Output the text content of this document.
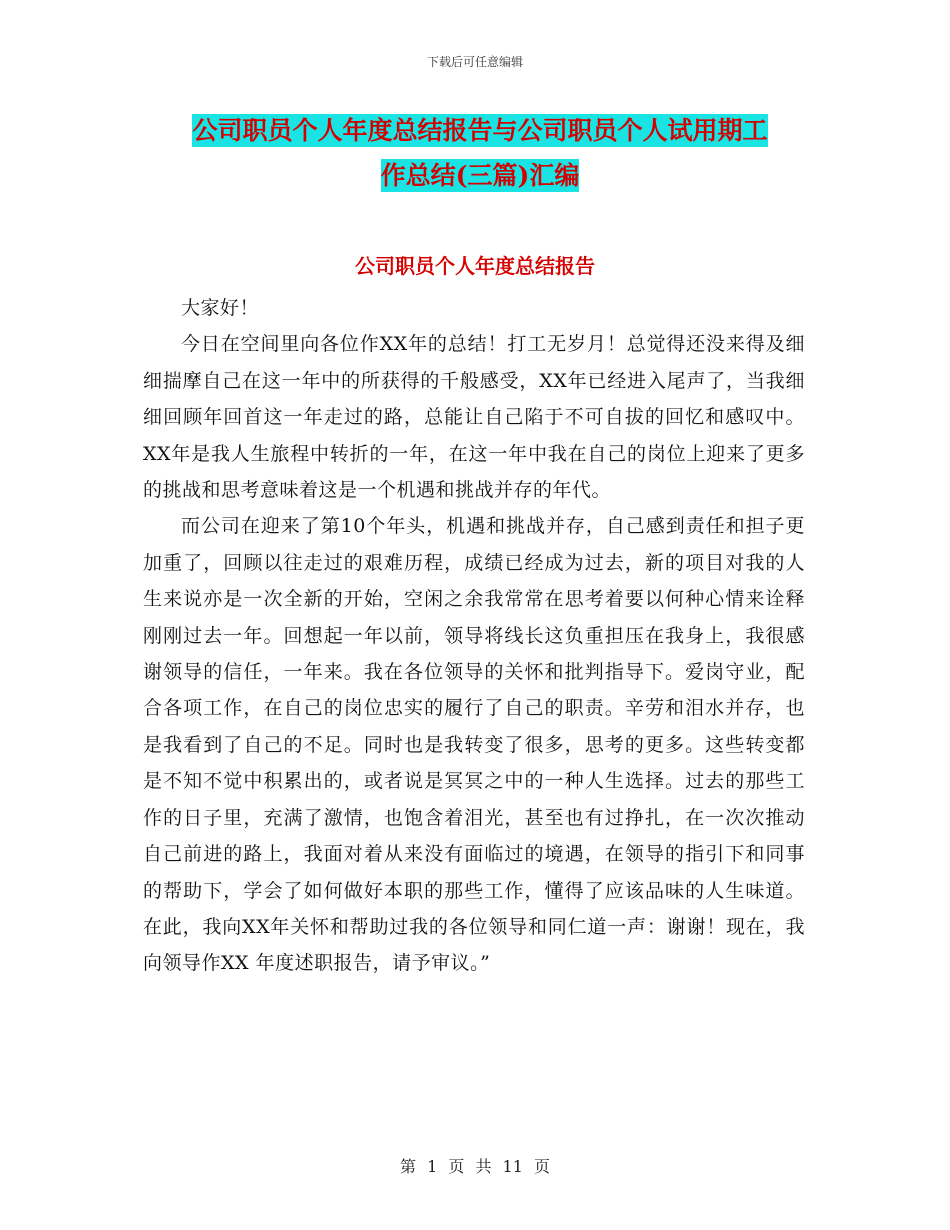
下载后可任意编辑
公司职员个人年度总结报告与公司职员个人试用期工
作总结(三篇)汇编
公司职员个人年度总结报告

大家好！

今日在空间里向各位作XX年的总结！打工无岁月！总觉得还没来得及细细揣摩自己在这一年中的所获得的千般感受，XX年已经进入尾声了，当我细细回顾年回首这一年走过的路，总能让自己陷于不可自拔的回忆和感叹中。XX年是我人生旅程中转折的一年，在这一年中我在自己的岗位上迎来了更多的挑战和思考意味着这是一个机遇和挑战并存的年代。

而公司在迎来了第10个年头，机遇和挑战并存，自己感到责任和担子更加重了，回顾以往走过的艰难历程，成绩已经成为过去，新的项目对我的人生来说亦是一次全新的开始，空闲之余我常常在思考着要以何种心情来诠释刚刚过去一年。回想起一年以前，领导将线长这负重担压在我身上，我很感谢领导的信任，一年来。我在各位领导的关怀和批判指导下。爱岗守业，配合各项工作，在自己的岗位忠实的履行了自己的职责。辛劳和泪水并存，也是我看到了自己的不足。同时也是我转变了很多，思考的更多。这些转变都是不知不觉中积累出的，或者说是冥冥之中的一种人生选择。过去的那些工作的日子里，充满了激情，也饱含着泪光，甚至也有过挣扎，在一次次推动自己前进的路上，我面对着从来没有面临过的境遇，在领导的指引下和同事的帮助下，学会了如何做好本职的那些工作，懂得了应该品味的人生味道。在此，我向XX年关怀和帮助过我的各位领导和同仁道一声：谢谢！现在，我向领导作XX 年度述职报告，请予审议。”

第 1 页 共 11 页
